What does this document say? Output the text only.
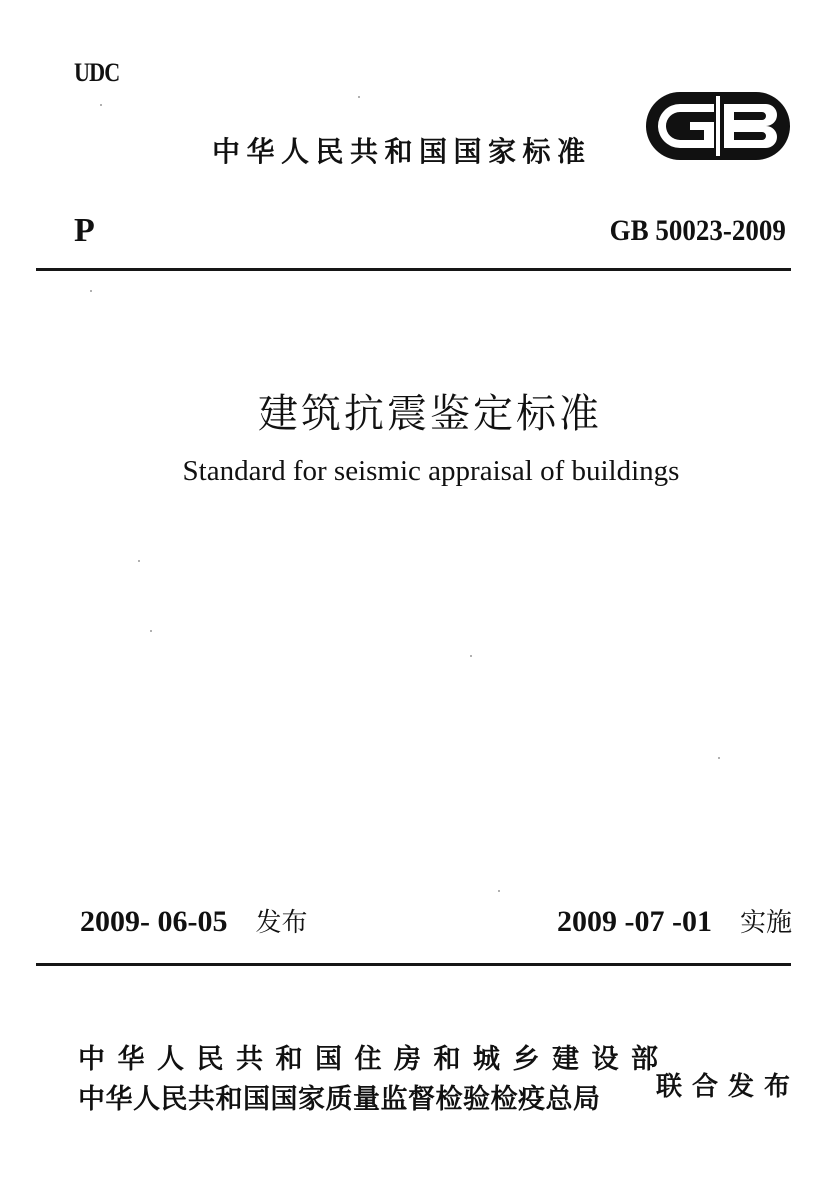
UDC
中华人民共和国国家标准
P	GB 50023-2009
建筑抗震鉴定标准
Standard for seismic appraisal of buildings
2009- 06-05 发布	2009 -07 -01 实施
中华人民共和国住房和城乡建设部
中华人民共和国国家质量监督检验检疫总局	联合发布
